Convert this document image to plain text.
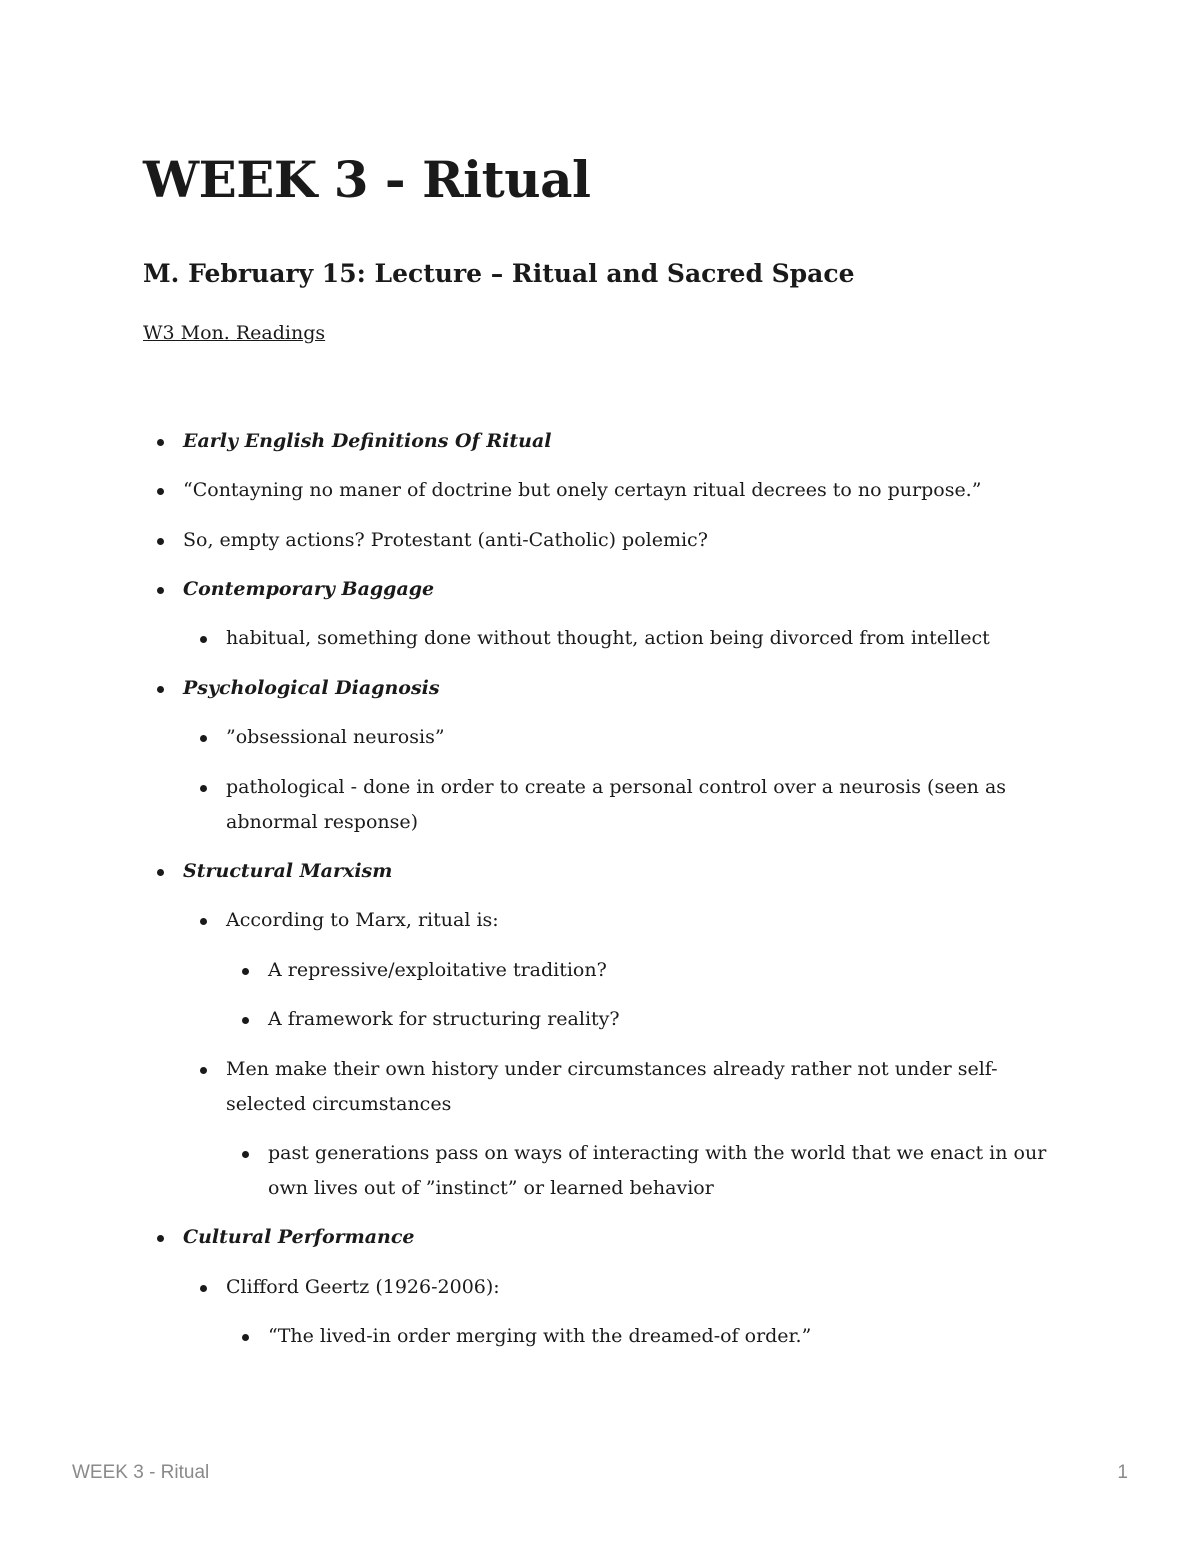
WEEK 3 - Ritual
M. February 15: Lecture – Ritual and Sacred Space
W3 Mon. Readings
Early English Definitions Of Ritual
“Contayning no maner of doctrine but onely certayn ritual decrees to no purpose.”
So, empty actions? Protestant (anti-Catholic) polemic?
Contemporary Baggage
habitual, something done without thought, action being divorced from intellect
Psychological Diagnosis
”obsessional neurosis”
pathological - done in order to create a personal control over a neurosis (seen as abnormal response)
Structural Marxism
According to Marx, ritual is:
A repressive/exploitative tradition?
A framework for structuring reality?
Men make their own history under circumstances already rather not under self-selected circumstances
past generations pass on ways of interacting with the world that we enact in our own lives out of ”instinct” or learned behavior
Cultural Performance
Clifford Geertz (1926-2006):
“The lived-in order merging with the dreamed-of order.”
WEEK 3 - Ritual	1
